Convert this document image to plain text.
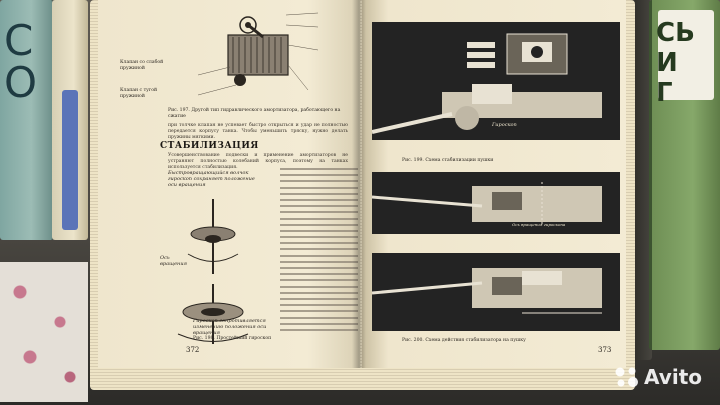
С О
СЬ
И
Г
Клапан со слабой пружиной
Клапан с тугой пружиной
Рис. 197. Другой тип гидравлического амортизатора, работающего на сжатие
при толчке клапан не успевает быстро открыться и удар не полностью передается корпусу танка. Чтобы уменьшить тряску, нужно делать пружины мягкими.
СТАБИЛИЗАЦИЯ
Усовершенствование подвески и применение амортизаторов не устраняют полностью колебаний корпуса, поэтому на танках используется стабилизация.
Быстровращающийся волчок гироскоп сохраняет положение оси вращения
Ось вращения
Гироскоп сопротивляется изменению положения оси вращения
Рис. 198. Простейший гироскоп
372
Гироскоп
Рис. 199. Схема стабилизации пушки
Ось вращения гироскопа
Рис. 200. Схема действия стабилизатора на пушку
373
Avito
